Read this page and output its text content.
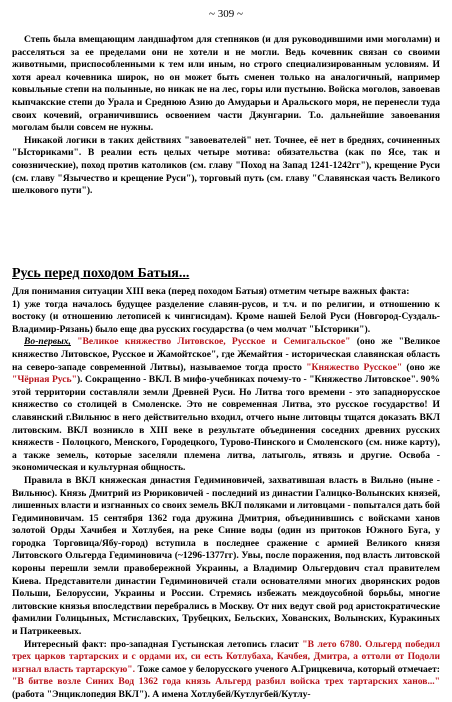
~ 309 ~

Степь была вмещающим ландшафтом для степняков (и для руководившими ими моголами) и расселяться за ее пределами они не хотели и не могли. Ведь кочевник связан со своими животными, приспособленными к тем или иным, но строго специализированным условиям. И хотя арeал кочевника широк, но он может быть сменен только на аналогичный, например ковыльные степи на полынные, но никак не на лес, горы или пустыню. Войска моголов, завоевав кыпчакские степи до Урала и Среднюю Азию до Амударьи и Аральского моря, не перенесли туда своих кочевий, ограничившись освоением части Джунгарии. Т.о. дальнейшие завоевания моголам были совсем не нужны.

Никакой логики в таких действиях "завоевателей" нет. Точнее, её нет в бреднях, сочиненных "Ысториками". В реалии есть целых четыре мотива: обязательства (как по Ясе, так и союзнические), поход против католиков (см. главу "Поход на Запад 1241-1242гг"), крещение Руси (см. главу "Язычество и крещение Руси"), торговый путь (см. главу "Славянская часть Великого шелкового пути").

Русь перед походом Батыя...

Для понимания ситуации XIII века (перед походом Батыя) отметим четыре важных факта:

1) уже тогда началось будущее разделение славян-русов, и т.ч. и по религии, и отношению к востоку (и отношению летописей к чингисидам). Кроме нашей Белой Руси (Новгород-Суздаль-Владимир-Рязань) было еще два русских государства (о чем молчат "Ысторики").

Во-первых, "Великое княжество Литовское, Русское и Семигальское" (оно же "Великое княжество Литовское, Русское и Жамойтское", где Жемайтия - историческая славянская область на северо-западе современной Литвы), называемое тогда просто "Княжество Русское" (оно же "Чёрная Русь"). Сокращенно - ВКЛ. В мифо-учебниках почему-то - "Княжество Литовское". 90% этой территории составляли земли Древней Руси. Но Литва того времени - это западнорусское княжество со столицей в Смоленске. Это не современная Литва, это русское государство! И славянский г.Вильнюс в него действительно входил, отчего ныне литовцы тщатся доказать ВКЛ литовским. ВКЛ возникло в XIII веке в результате объединения соседних древних русских княжеств - Полоцкого, Менского, Городецкого, Турово-Пинского и Смоленского (см. ниже карту), а также земель, которые заселяли племена литва, латыголь, ятвязь и другие. Освоба - экономическая и культурная общность.

Правила в ВКЛ княжеская династия Гедиминовичей, захватившая власть в Вильно (ныне - Вильнюс). Князь Дмитрий из Рюриковичей - последний из династии Галицко-Волынских князей, лишенных власти и изгнанных со своих земель ВКЛ поляками и литовцами - попытался дать бой Гедиминовичам. 15 сентября 1362 года дружина Дмитрия, объединившись с войсками ханов золотой Орды Хачибея и Хотлубея, на реке Синие воды (один из притоков Южного Буга, у городка Торговица/Ябу-город) вступила в последнее сражение с армией Великого князя Литовского Ольгерда Гедиминовича (~1296-1377гг). Увы, после поражения, под власть литовской короны перешли земли правобережной Украины, а Владимир Ольгердович стал правителем Киева. Представители династии Гедиминовичей стали основателями многих дворянских родов Польши, Белоруссии, Украины и России. Стремясь избежать междоусобной борьбы, многие литовские князья впоследствии перебрались в Москву. От них ведут свой род аристократические фамилии Голицыных, Мстиславских, Трубецких, Бельских, Хованских, Волынских, Куракиных и Патрикеевых.

Интересный факт: про-западная Густынская летопись гласит "В лето 6780. Ольгерд победил трех царков тартарских и с ордами их, си есть Котлубаха, Качбея, Дмитра, а оттоли от Подоли изгнал власть тартарскую". Тоже самое у белорусского ученого А.Грицкевича, который отмечает: "В битве возле Синих Вод 1362 года князь Альгерд разбил войска трех тартарских ханов..." (работа "Энциклопедия ВКЛ"). А имена Хотлубей/Кутлугбей/Кутлу-
